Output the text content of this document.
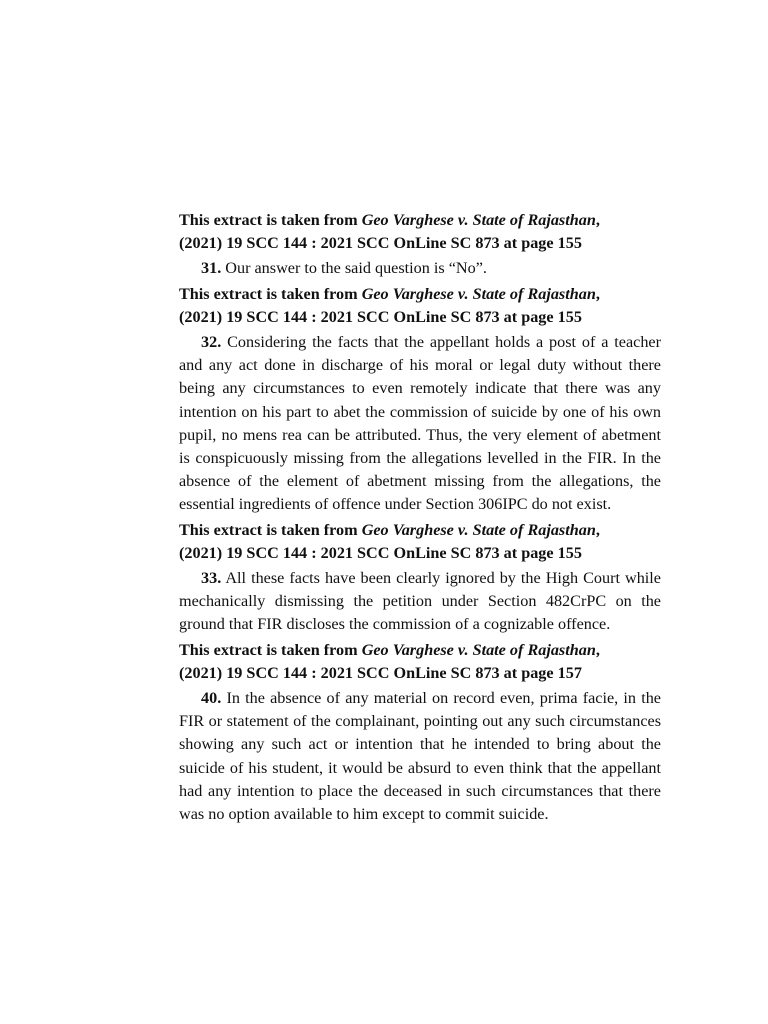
This extract is taken from Geo Varghese v. State of Rajasthan,
(2021) 19 SCC 144 : 2021 SCC OnLine SC 873 at page 155

31. Our answer to the said question is “No”.

This extract is taken from Geo Varghese v. State of Rajasthan,
(2021) 19 SCC 144 : 2021 SCC OnLine SC 873 at page 155

32. Considering the facts that the appellant holds a post of a teacher and any act done in discharge of his moral or legal duty without there being any circumstances to even remotely indicate that there was any intention on his part to abet the commission of suicide by one of his own pupil, no mens rea can be attributed. Thus, the very element of abetment is conspicuously missing from the allegations levelled in the FIR. In the absence of the element of abetment missing from the allegations, the essential ingredients of offence under Section 306IPC do not exist.

This extract is taken from Geo Varghese v. State of Rajasthan,
(2021) 19 SCC 144 : 2021 SCC OnLine SC 873 at page 155

33. All these facts have been clearly ignored by the High Court while mechanically dismissing the petition under Section 482CrPC on the ground that FIR discloses the commission of a cognizable offence.

This extract is taken from Geo Varghese v. State of Rajasthan,
(2021) 19 SCC 144 : 2021 SCC OnLine SC 873 at page 157

40. In the absence of any material on record even, prima facie, in the FIR or statement of the complainant, pointing out any such circumstances showing any such act or intention that he intended to bring about the suicide of his student, it would be absurd to even think that the appellant had any intention to place the deceased in such circumstances that there was no option available to him except to commit suicide.
